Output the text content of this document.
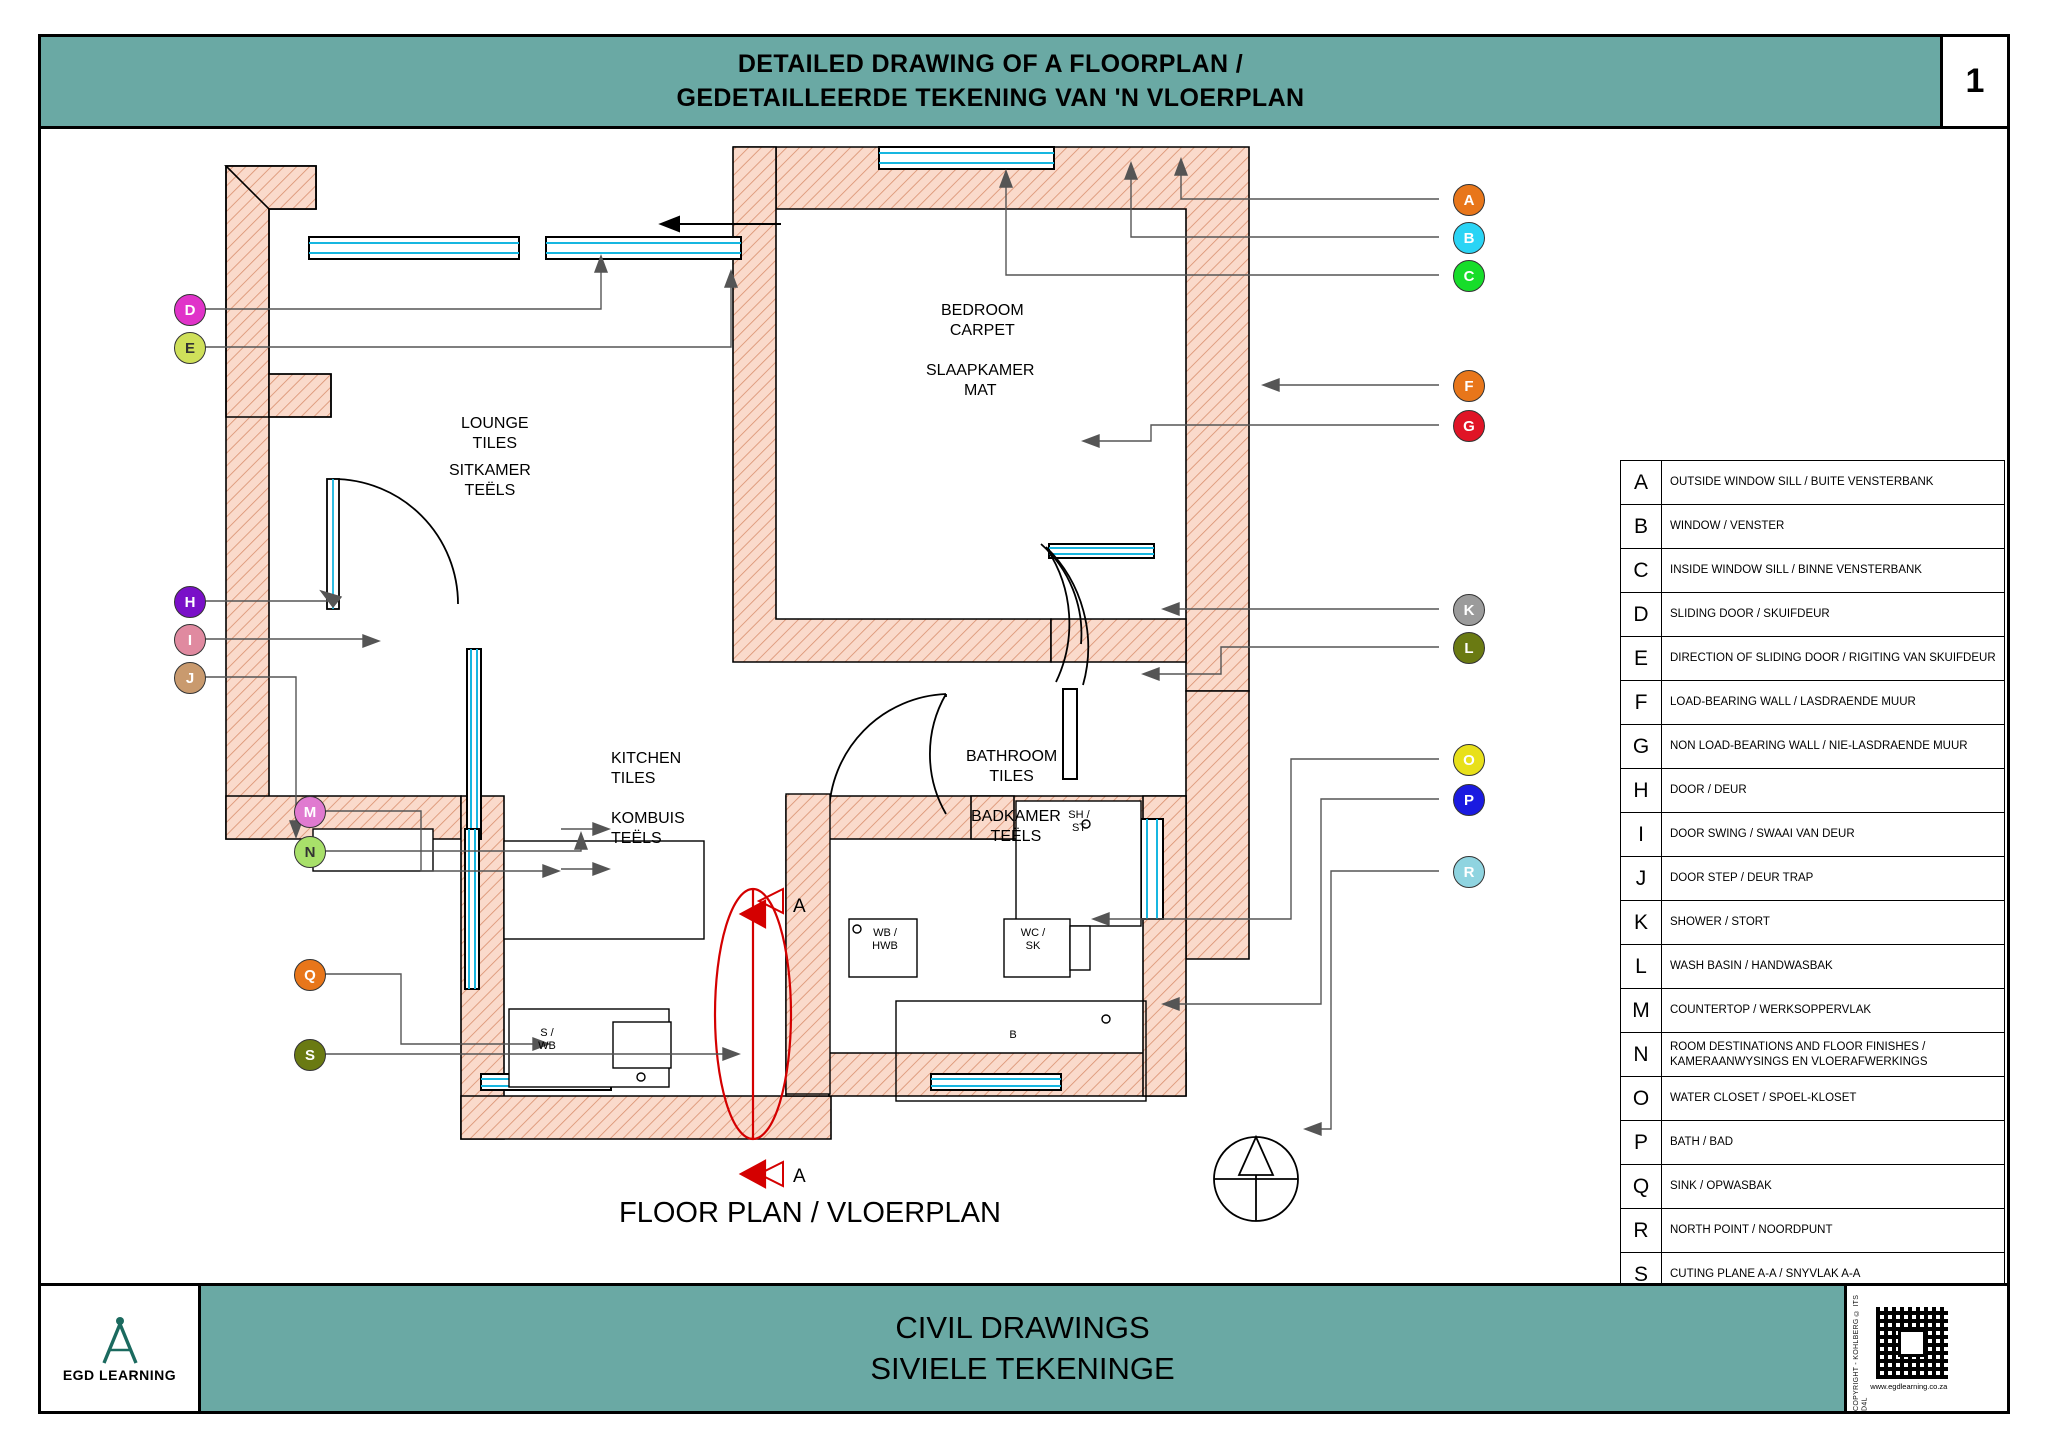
DETAILED DRAWING OF A FLOORPLAN /
GEDETAILLEERDE TEKENING VAN 'N VLOERPLAN	1
BEDROOM
CARPET
SLAAPKAMER
MAT
LOUNGE
TILES
SITKAMER
TEËLS
KITCHEN
TILES
KOMBUIS
TEËLS
BATHROOM
TILES
BADKAMER
TEËLS
SH /
ST
WB /
HWB
WC /
SK
B
S /
WB
A
A
FLOOR PLAN / VLOERPLAN
A
B
C
F
G
K
L
O
P
R
D
E
H
I
J
M
N
Q
S
A	OUTSIDE WINDOW SILL / BUITE VENSTERBANK
B	WINDOW / VENSTER
C	INSIDE WINDOW SILL / BINNE VENSTERBANK
D	SLIDING DOOR / SKUIFDEUR
E	DIRECTION OF SLIDING DOOR / RIGITING VAN SKUIFDEUR
F	LOAD-BEARING WALL / LASDRAENDE MUUR
G	NON LOAD-BEARING WALL / NIE-LASDRAENDE MUUR
H	DOOR / DEUR
I	DOOR SWING / SWAAI VAN DEUR
J	DOOR STEP / DEUR TRAP
K	SHOWER / STORT
L	WASH BASIN / HANDWASBAK
M	COUNTERTOP / WERKSOPPERVLAK
N	ROOM DESTINATIONS AND FLOOR FINISHES / KAMERAANWYSINGS EN VLOERAFWERKINGS
O	WATER CLOSET / SPOEL-KLOSET
P	BATH / BAD
Q	SINK / OPWASBAK
R	NORTH POINT / NOORDPUNT
S	CUTING PLANE A-A / SNYVLAK A-A
EGD LEARNING
CIVIL DRAWINGS
SIVIELE TEKENINGE	COPYRIGHT - KOHLBERG © ITS D4L
www.egdlearning.co.za
